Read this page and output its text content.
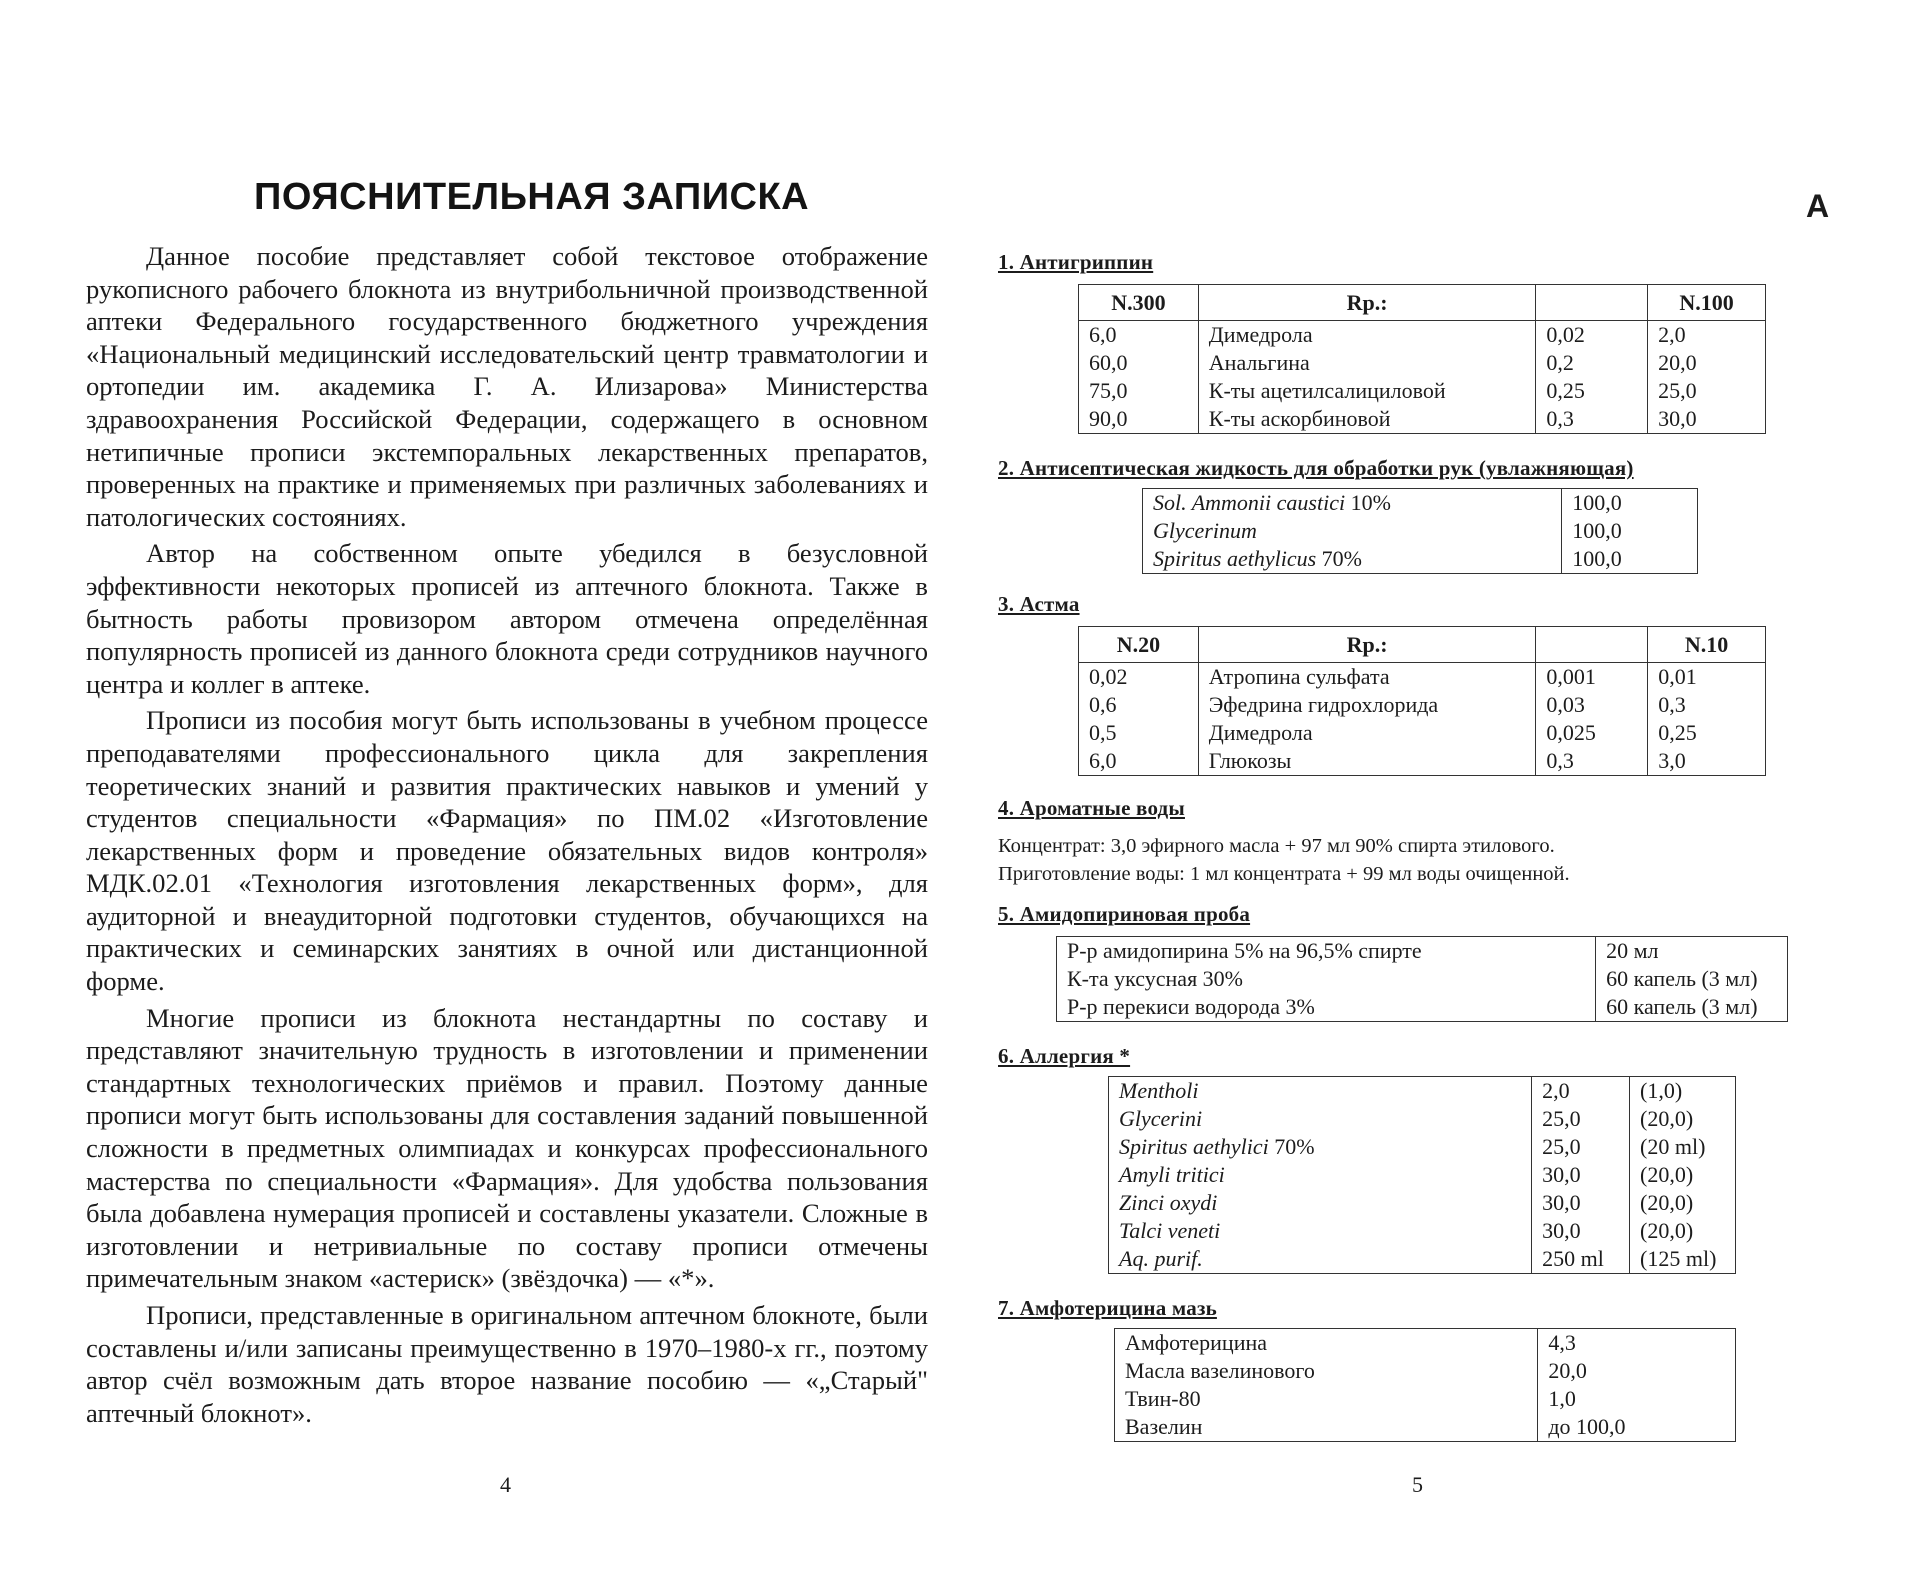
ПОЯСНИТЕЛЬНАЯ ЗАПИСКА

Данное пособие представляет собой текстовое отображение рукописного рабочего блокнота из внутрибольничной производственной аптеки Федерального государственного бюджетного учреждения «Национальный медицинский исследовательский центр травматологии и ортопедии им. академика Г. А. Илизарова» Министерства здравоохранения Российской Федерации, содержащего в основном нетипичные прописи экстемпоральных лекарственных препаратов, проверенных на практике и применяемых при различных заболеваниях и патологических состояниях.

Автор на собственном опыте убедился в безусловной эффективности некоторых прописей из аптечного блокнота. Также в бытность работы провизором автором отмечена определённая популярность прописей из данного блокнота среди сотрудников научного центра и коллег в аптеке.

Прописи из пособия могут быть использованы в учебном процессе преподавателями профессионального цикла для закрепления теоретических знаний и развития практических навыков и умений у студентов специальности «Фармация» по ПМ.02 «Изготовление лекарственных форм и проведение обязательных видов контроля» МДК.02.01 «Технология изготовления лекарственных форм», для аудиторной и внеаудиторной подготовки студентов, обучающихся на практических и семинарских занятиях в очной или дистанционной форме.

Многие прописи из блокнота нестандартны по составу и представляют значительную трудность в изготовлении и применении стандартных технологических приёмов и правил. Поэтому данные прописи могут быть использованы для составления заданий повышенной сложности в предметных олимпиадах и конкурсах профессионального мастерства по специальности «Фармация». Для удобства пользования была добавлена нумерация прописей и составлены указатели. Сложные в изготовлении и нетривиальные по составу прописи отмечены примечательным знаком «астериск» (звёздочка) — «*».

Прописи, представленные в оригинальном аптечном блокноте, были составлены и/или записаны преимущественно в 1970–1980-х гг., поэтому автор счёл возможным дать второе название пособию — «„Старый" аптечный блокнот».

4
А
1. Антигриппин
N.300	Rp.:		N.100
6,0	Димедрола	0,02	2,0
60,0	Анальгина	0,2	20,0
75,0	К-ты ацетилсалициловой	0,25	25,0
90,0	К-ты аскорбиновой	0,3	30,0
2. Антисептическая жидкость для обработки рук (увлажняющая)
Sol. Ammonii caustici 10%	100,0
Glycerinum	100,0
Spiritus aethylicus 70%	100,0
3. Астма
N.20	Rp.:		N.10
0,02	Атропина сульфата	0,001	0,01
0,6	Эфедрина гидрохлорида	0,03	0,3
0,5	Димедрола	0,025	0,25
6,0	Глюкозы	0,3	3,0
4. Ароматные воды
Концентрат: 3,0 эфирного масла + 97 мл 90% спирта этилового.
Приготовление воды: 1 мл концентрата + 99 мл воды очищенной.
5. Амидопириновая проба
Р-р амидопирина 5% на 96,5% спирте	20 мл
К-та уксусная 30%	60 капель (3 мл)
Р-р перекиси водорода 3%	60 капель (3 мл)
6. Аллергия *
Mentholi	2,0	(1,0)
Glycerini	25,0	(20,0)
Spiritus aethylici 70%	25,0	(20 ml)
Amyli tritici	30,0	(20,0)
Zinci oxydi	30,0	(20,0)
Talci veneti	30,0	(20,0)
Aq. purif.	250 ml	(125 ml)
7. Амфотерицина мазь
Амфотерицина	4,3
Масла вазелинового	20,0
Твин-80	1,0
Вазелин	до 100,0
5
